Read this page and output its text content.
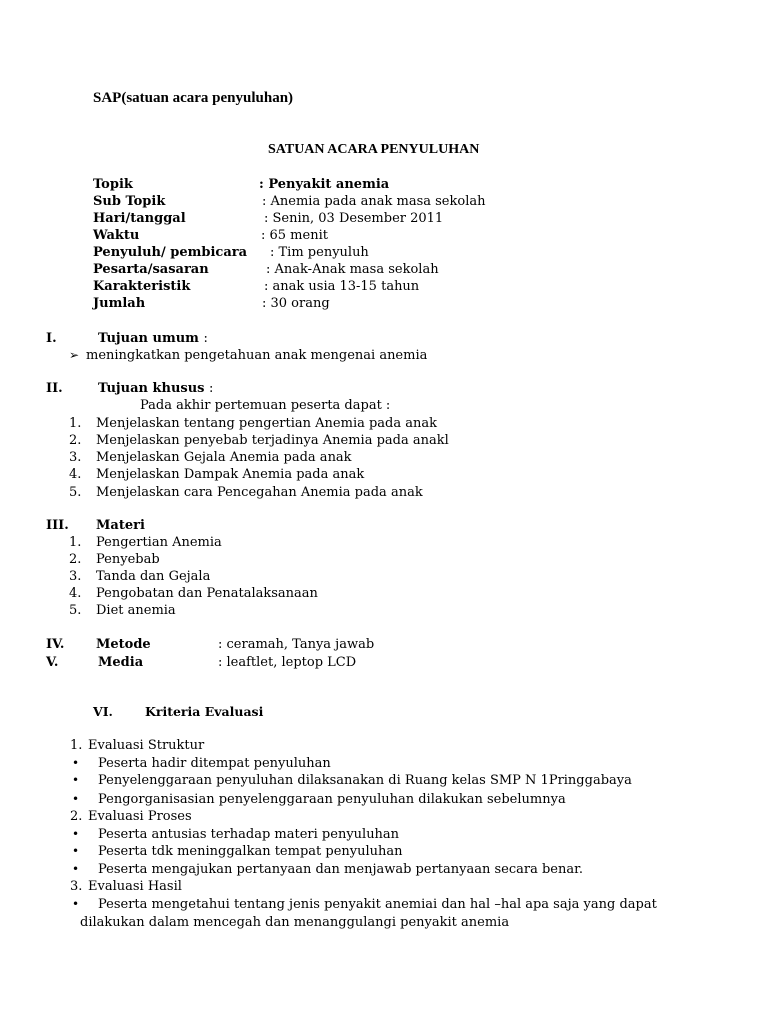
SAP(satuan acara penyuluhan)
SATUAN ACARA PENYULUHAN
Topik	: Penyakit anemia
Sub Topik	: Anemia pada anak masa sekolah
Hari/tanggal	: Senin, 03 Desember 2011
Waktu	: 65 menit
Penyuluh/ pembicara : Tim penyuluh
Pesarta/sasaran	: Anak-Anak masa sekolah
Karakteristik	: anak usia 13-15 tahun
Jumlah	: 30 orang
I.	Tujuan umum :
➢ meningkatkan pengetahuan anak mengenai anemia
II.	Tujuan khusus :
Pada akhir pertemuan peserta dapat :
1. Menjelaskan tentang pengertian Anemia pada anak
2. Menjelaskan penyebab terjadinya Anemia pada anakl
3. Menjelaskan Gejala Anemia pada anak
4. Menjelaskan Dampak Anemia pada anak
5. Menjelaskan cara Pencegahan Anemia pada anak
III. Materi
1. Pengertian Anemia
2. Penyebab
3. Tanda dan Gejala
4. Pengobatan dan Penatalaksanaan
5. Diet anemia
IV. Metode	: ceramah, Tanya jawab
V.	Media	: leaftlet, leptop LCD
VI.	Kriteria Evaluasi
1. Evaluasi Struktur
• Peserta hadir ditempat penyuluhan
• Penyelenggaraan penyuluhan dilaksanakan di Ruang kelas SMP N 1Pringgabaya
• Pengorganisasian penyelenggaraan penyuluhan dilakukan sebelumnya
2. Evaluasi Proses
• Peserta antusias terhadap materi penyuluhan
• Peserta tdk meninggalkan tempat penyuluhan
• Peserta mengajukan pertanyaan dan menjawab pertanyaan secara benar.
3. Evaluasi Hasil
• Peserta mengetahui tentang jenis penyakit anemiai dan hal –hal apa saja yang dapat
dilakukan dalam mencegah dan menanggulangi penyakit anemia
